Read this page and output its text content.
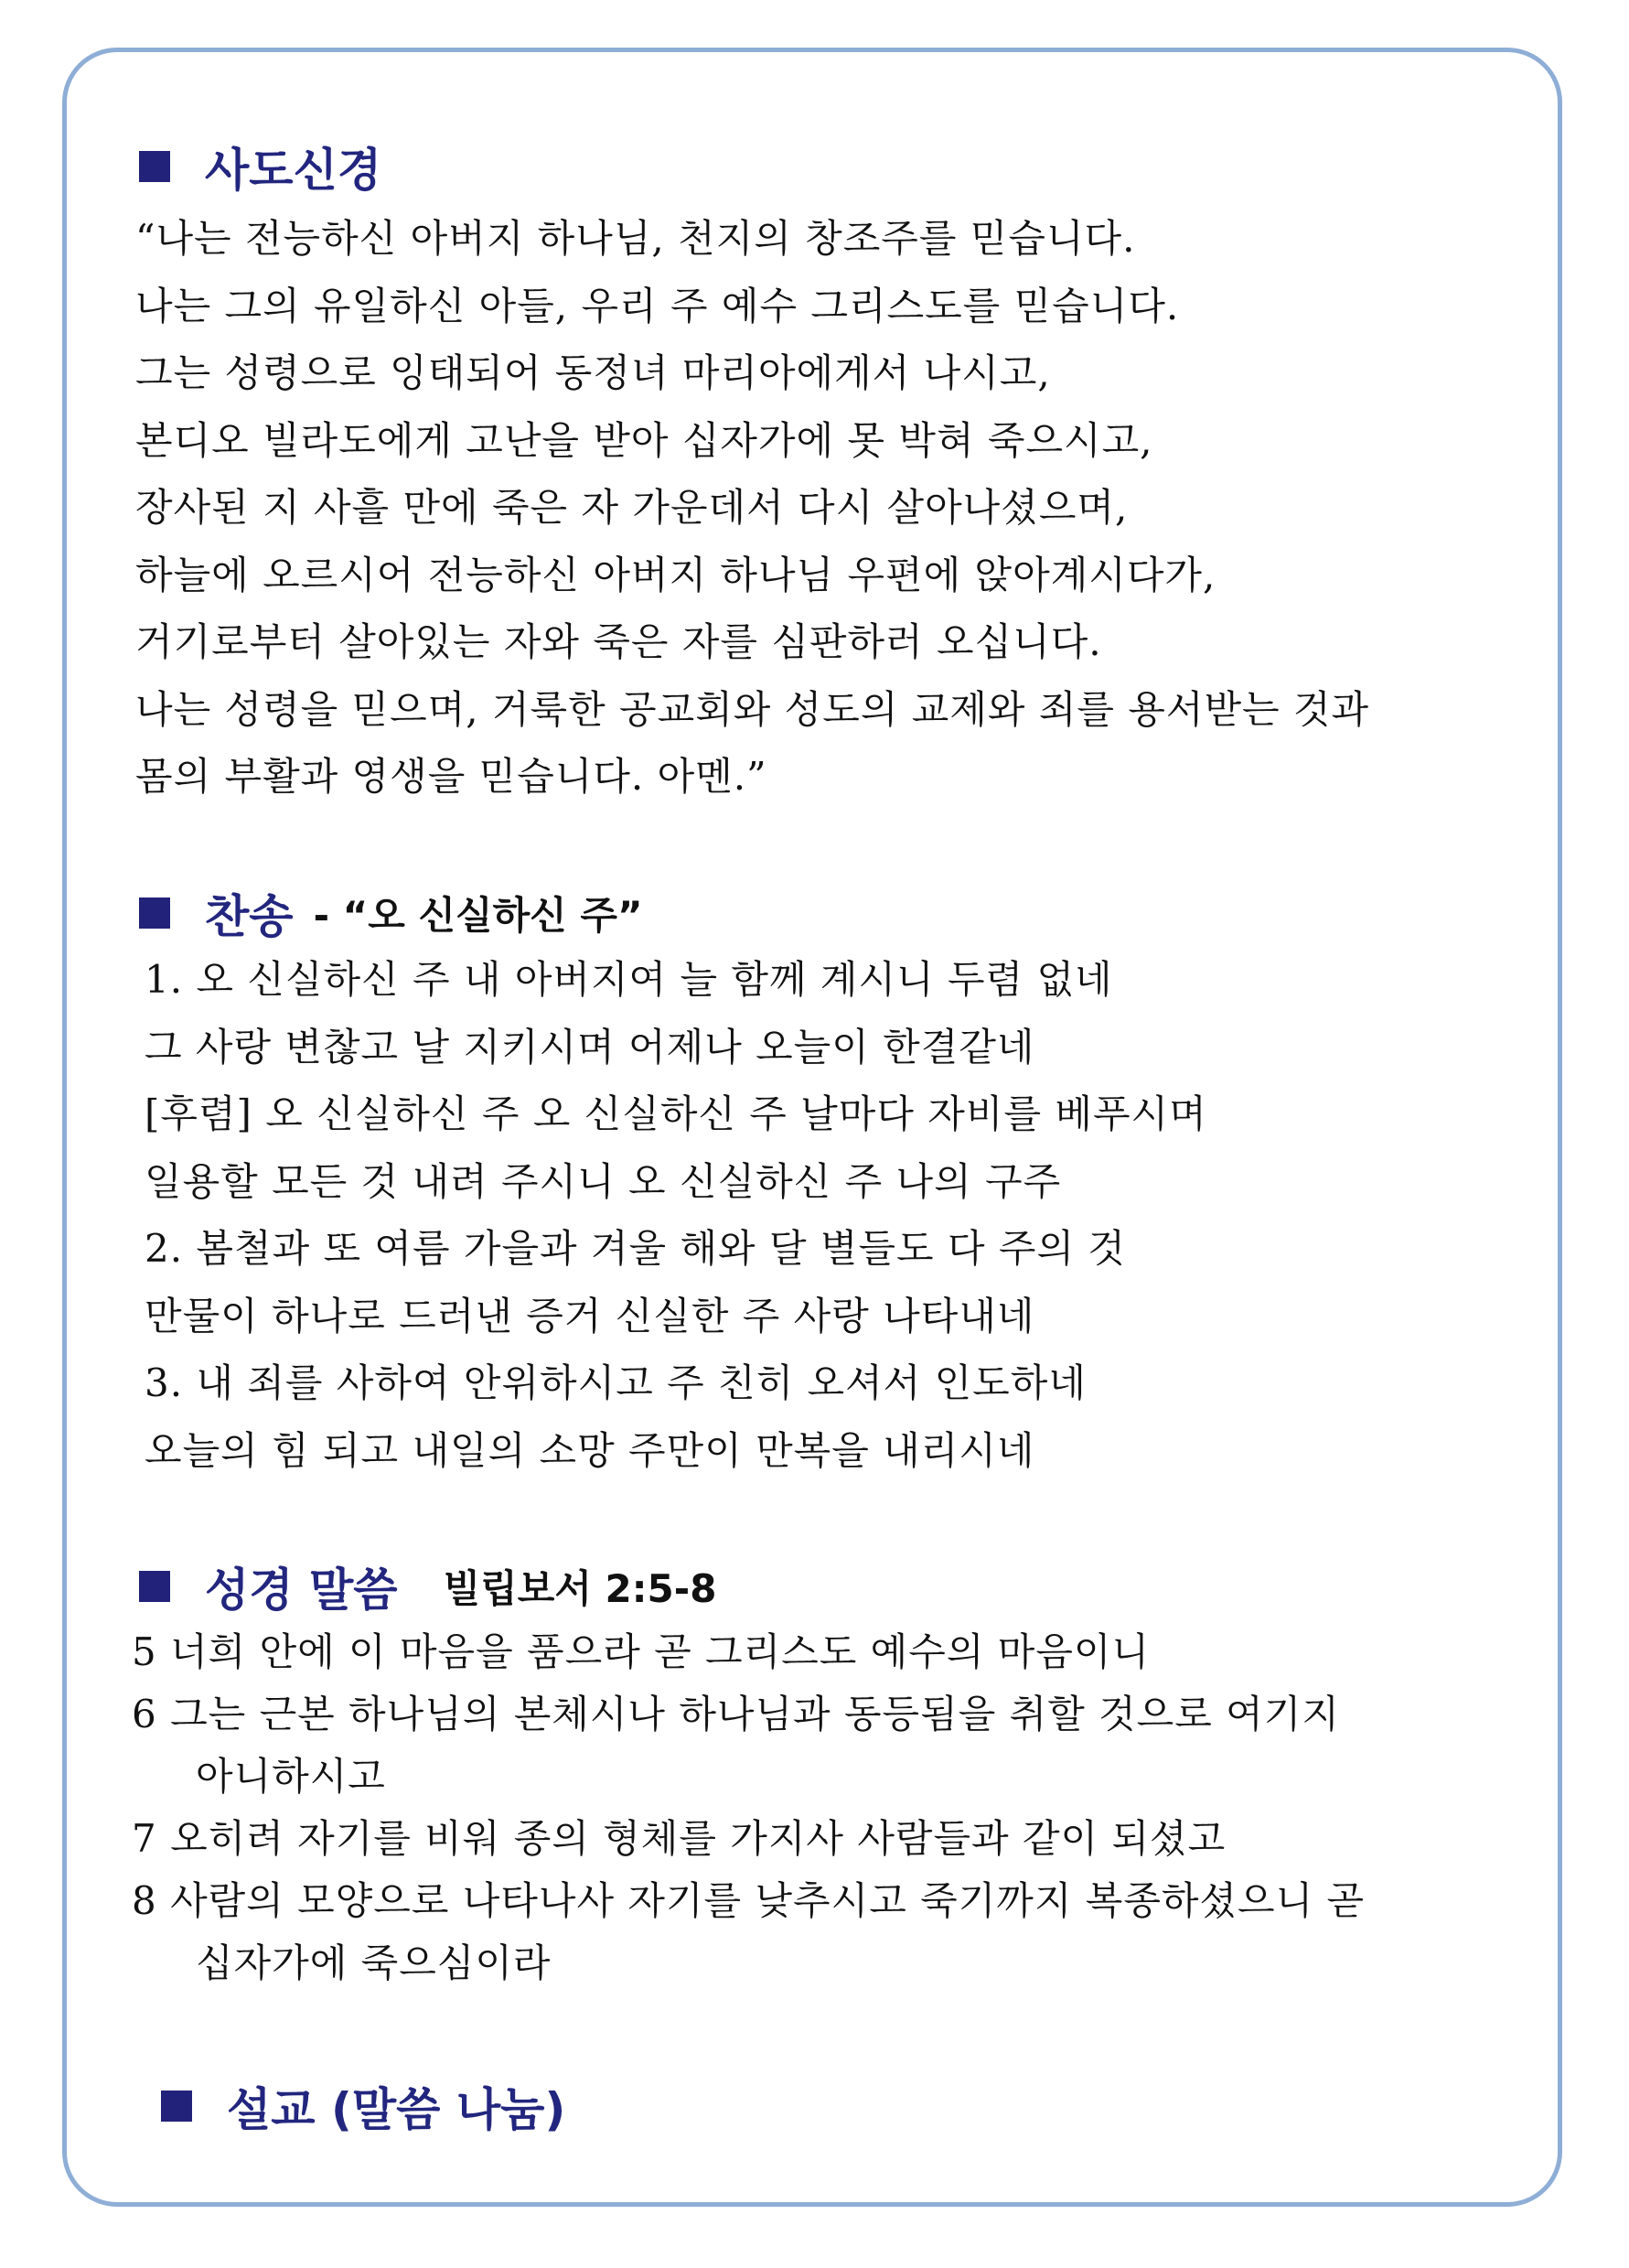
사도신경
“나는 전능하신 아버지 하나님, 천지의 창조주를 믿습니다.
나는 그의 유일하신 아들, 우리 주 예수 그리스도를 믿습니다.
그는 성령으로 잉태되어 동정녀 마리아에게서 나시고,
본디오 빌라도에게 고난을 받아 십자가에 못 박혀 죽으시고,
장사된 지 사흘 만에 죽은 자 가운데서 다시 살아나셨으며,
하늘에 오르시어 전능하신 아버지 하나님 우편에 앉아계시다가,
거기로부터 살아있는 자와 죽은 자를 심판하러 오십니다.
나는 성령을 믿으며, 거룩한 공교회와 성도의 교제와 죄를 용서받는 것과
몸의 부활과 영생을 믿습니다. 아멘.”
찬송 - “오 신실하신 주”
1. 오 신실하신 주 내 아버지여 늘 함께 계시니 두렴 없네
그 사랑 변찮고 날 지키시며 어제나 오늘이 한결같네
[후렴] 오 신실하신 주 오 신실하신 주 날마다 자비를 베푸시며
일용할 모든 것 내려 주시니 오 신실하신 주 나의 구주
2. 봄철과 또 여름 가을과 겨울 해와 달 별들도 다 주의 것
만물이 하나로 드러낸 증거 신실한 주 사랑 나타내네
3. 내 죄를 사하여 안위하시고 주 친히 오셔서 인도하네
오늘의 힘 되고 내일의 소망 주만이 만복을 내리시네
성경 말씀 빌립보서 2:5-8
5 너희 안에 이 마음을 품으라 곧 그리스도 예수의 마음이니
6 그는 근본 하나님의 본체시나 하나님과 동등됨을 취할 것으로 여기지
아니하시고
7 오히려 자기를 비워 종의 형체를 가지사 사람들과 같이 되셨고
8 사람의 모양으로 나타나사 자기를 낮추시고 죽기까지 복종하셨으니 곧
십자가에 죽으심이라
설교 (말씀 나눔)
